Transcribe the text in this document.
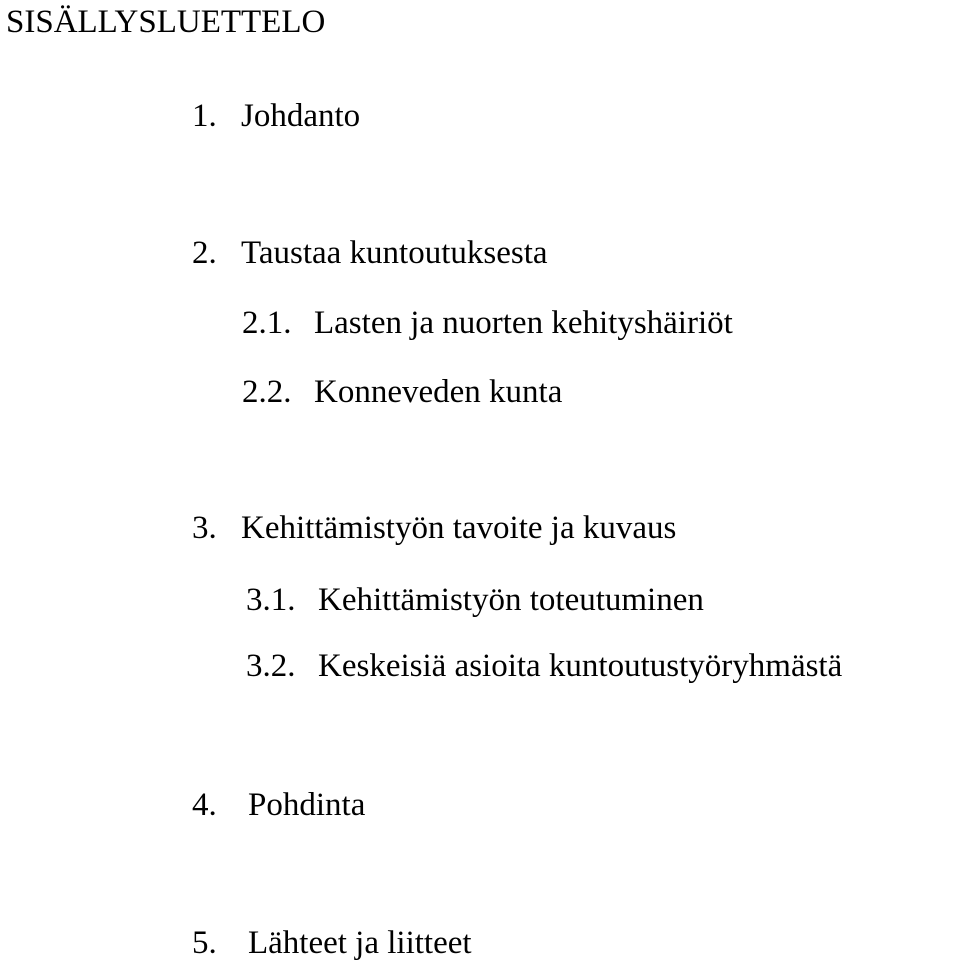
SISÄLLYSLUETTELO
1. Johdanto
2. Taustaa kuntoutuksesta
2.1. Lasten ja nuorten kehityshäiriöt
2.2. Konneveden kunta
3. Kehittämistyön tavoite ja kuvaus
3.1. Kehittämistyön toteutuminen
3.2. Keskeisiä asioita kuntoutustyöryhmästä
4. Pohdinta
5. Lähteet ja liitteet
